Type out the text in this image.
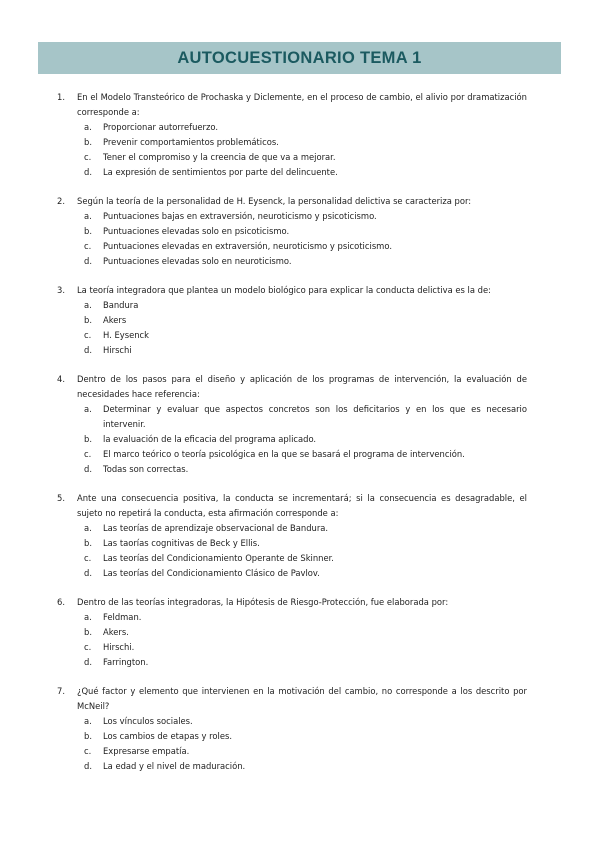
AUTOCUESTIONARIO TEMA 1
1.	En el Modelo Transteórico de Prochaska y Diclemente, en el proceso de cambio, el alivio por dramatización corresponde a:
a.	Proporcionar autorrefuerzo.
b.	Prevenir comportamientos problemáticos.
c.	Tener el compromiso y la creencia de que va a mejorar.
d.	La expresión de sentimientos por parte del delincuente.
2.	Según la teoría de la personalidad de H. Eysenck, la personalidad delictiva se caracteriza por:
a.	Puntuaciones bajas en extraversión, neuroticismo y psicoticismo.
b.	Puntuaciones elevadas solo en psicoticismo.
c.	Puntuaciones elevadas en extraversión, neuroticismo y psicoticismo.
d.	Puntuaciones elevadas solo en neuroticismo.
3.	La teoría integradora que plantea un modelo biológico para explicar la conducta delictiva es la de:
a.	Bandura
b.	Akers
c.	H. Eysenck
d.	Hirschi
4.	Dentro de los pasos para el diseño y aplicación de los programas de intervención, la evaluación de necesidades hace referencia:
a.	Determinar y evaluar que aspectos concretos son los deficitarios y en los que es necesario intervenir.
b.	la evaluación de la eficacia del programa aplicado.
c.	El marco teórico o teoría psicológica en la que se basará el programa de intervención.
d.	Todas son correctas.
5.	Ante una consecuencia positiva, la conducta se incrementará; si la consecuencia es desagradable, el sujeto no repetirá la conducta, esta afirmación corresponde a:
a.	Las teorías de aprendizaje observacional de Bandura.
b.	Las taorías cognitivas de Beck y Ellis.
c.	Las teorías del Condicionamiento Operante de Skinner.
d.	Las teorías del Condicionamiento Clásico de Pavlov.
6.	Dentro de las teorías integradoras, la Hipótesis de Riesgo-Protección, fue elaborada por:
a.	Feldman.
b.	Akers.
c.	Hirschi.
d.	Farrington.
7.	¿Qué factor y elemento que intervienen en la motivación del cambio, no corresponde a los descrito por McNeil?
a.	Los vínculos sociales.
b.	Los cambios de etapas y roles.
c.	Expresarse empatía.
d.	La edad y el nivel de maduración.
